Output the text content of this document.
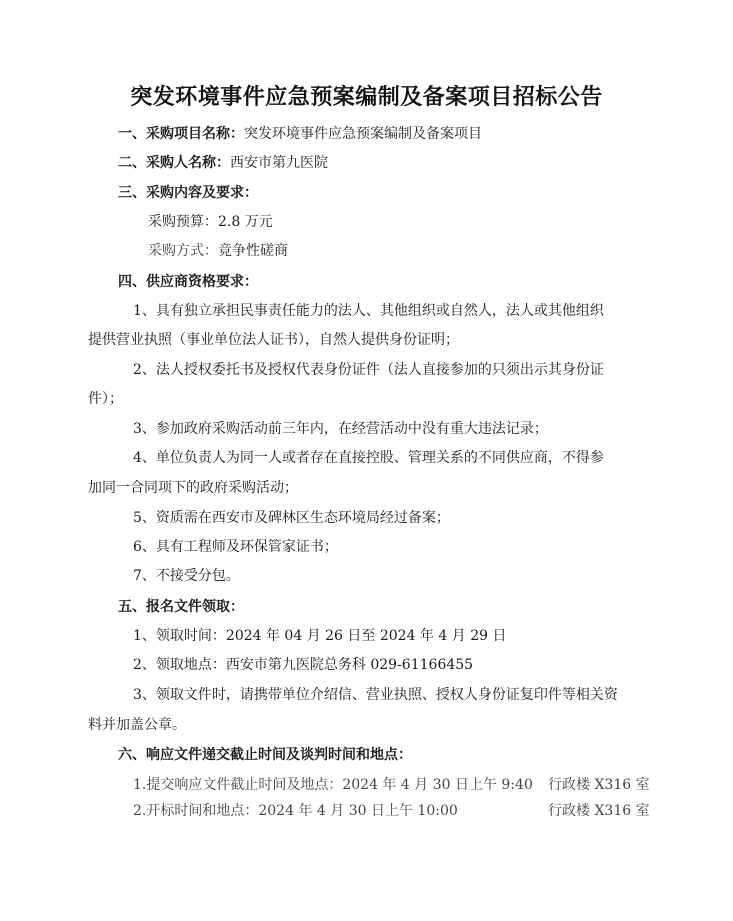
突发环境事件应急预案编制及备案项目招标公告
一、采购项目名称：突发环境事件应急预案编制及备案项目
二、采购人名称：西安市第九医院
三、采购内容及要求：
采购预算：2.8 万元
采购方式：竞争性磋商
四、供应商资格要求：
1、具有独立承担民事责任能力的法人、其他组织或自然人，法人或其他组织
提供营业执照（事业单位法人证书），自然人提供身份证明；
2、法人授权委托书及授权代表身份证件（法人直接参加的只须出示其身份证
件）；
3、参加政府采购活动前三年内，在经营活动中没有重大违法记录；
4、单位负责人为同一人或者存在直接控股、管理关系的不同供应商，不得参
加同一合同项下的政府采购活动；
5、资质需在西安市及碑林区生态环境局经过备案；
6、具有工程师及环保管家证书；
7、不接受分包。
五、报名文件领取：
1、领取时间：2024 年 04 月 26 日至 2024 年 4 月 29 日
2、领取地点：西安市第九医院总务科 029-61166455
3、领取文件时，请携带单位介绍信、营业执照、授权人身份证复印件等相关资
料并加盖公章。
六、响应文件递交截止时间及谈判时间和地点：
1.提交响应文件截止时间及地点：2024 年 4 月 30 日上午 9:40 行政楼 X316 室
2.开标时间和地点：2024 年 4 月 30 日上午 10:00	行政楼 X316 室
